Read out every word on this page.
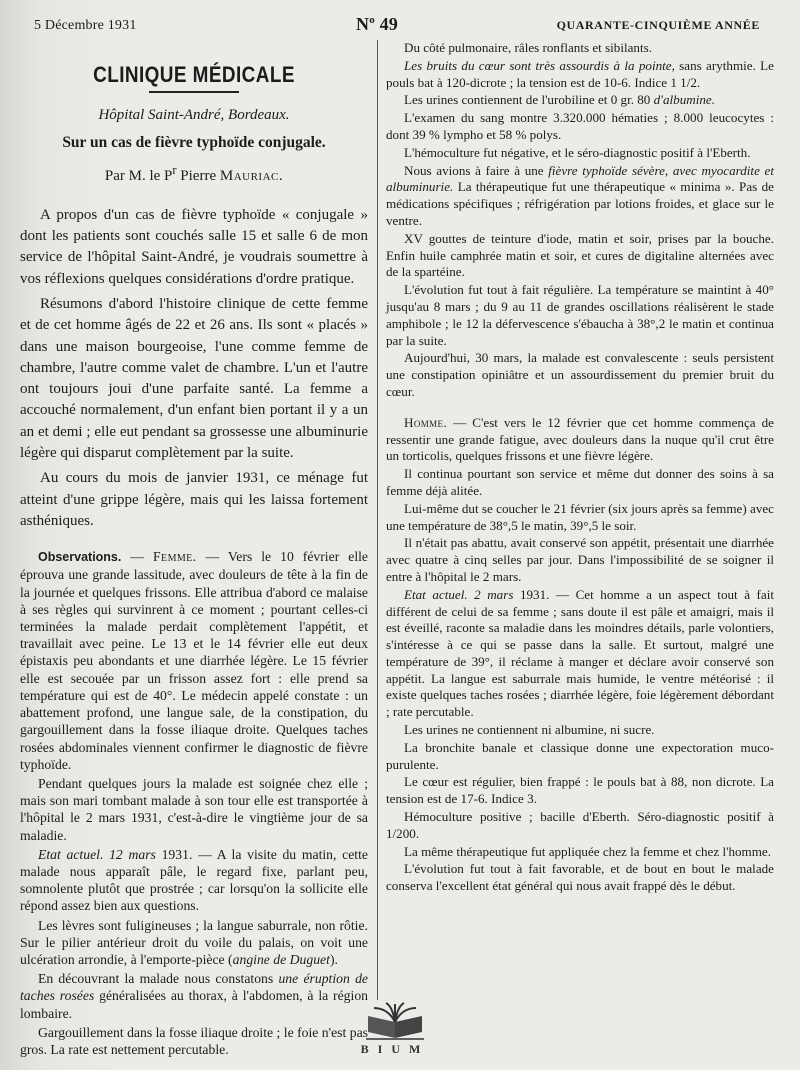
5 Décembre 1931	$N^o$ 49	QUARANTE-CINQUIÈME ANNÉE
CLINIQUE MÉDICALE
Hôpital Saint-André, Bordeaux.
Sur un cas de fièvre typhoïde conjugale.
Par M. le $P^r$ Pierre Mauriac.

A propos d'un cas de fièvre typhoïde « conjugale » dont les patients sont couchés salle 15 et salle 6 de mon service de l'hôpital Saint-André, je voudrais soumettre à vos réflexions quelques considérations d'ordre pratique.

Résumons d'abord l'histoire clinique de cette femme et de cet homme âgés de 22 et 26 ans. Ils sont « placés » dans une maison bourgeoise, l'une comme femme de chambre, l'autre comme valet de chambre. L'un et l'autre ont toujours joui d'une parfaite santé. La femme a accouché normalement, d'un enfant bien portant il y a un an et demi ; elle eut pendant sa grossesse une albuminurie légère qui disparut complètement par la suite.

Au cours du mois de janvier 1931, ce ménage fut atteint d'une grippe légère, mais qui les laissa fortement asthéniques.

Observations. — Femme. — Vers le 10 février elle éprouva une grande lassitude, avec douleurs de tête à la fin de la journée et quelques frissons. Elle attribua d'abord ce malaise à ses règles qui survinrent à ce moment ; pourtant celles-ci terminées la malade perdait complètement l'appétit, et travaillait avec peine. Le 13 et le 14 février elle eut deux épistaxis peu abondants et une diarrhée légère. Le 15 février elle est secouée par un frisson assez fort : elle prend sa température qui est de 40°. Le médecin appelé constate : un abattement profond, une langue sale, de la constipation, du gargouillement dans la fosse iliaque droite. Quelques taches rosées abdominales viennent confirmer le diagnostic de fièvre typhoïde.

Pendant quelques jours la malade est soignée chez elle ; mais son mari tombant malade à son tour elle est transportée à l'hôpital le 2 mars 1931, c'est-à-dire le vingtième jour de sa maladie.

Etat actuel. 12 mars 1931. — A la visite du matin, cette malade nous apparaît pâle, le regard fixe, parlant peu, somnolente plutôt que prostrée ; car lorsqu'on la sollicite elle répond assez bien aux questions.

Les lèvres sont fuligineuses ; la langue saburrale, non rôtie. Sur le pilier antérieur droit du voile du palais, on voit une ulcération arrondie, à l'emporte-pièce (angine de Duguet).

En découvrant la malade nous constatons une éruption de taches rosées généralisées au thorax, à l'abdomen, à la région lombaire.

Gargouillement dans la fosse iliaque droite ; le foie n'est pas gros. La rate est nettement percutable.

Du côté pulmonaire, râles ronflants et sibilants.

Les bruits du cœur sont très assourdis à la pointe, sans arythmie. Le pouls bat à 120-dicrote ; la tension est de 10-6. Indice 1 1/2.

Les urines contiennent de l'urobiline et 0 gr. 80 d'albumine.

L'examen du sang montre 3.320.000 hématies ; 8.000 leucocytes : dont 39 % lympho et 58 % polys.

L'hémoculture fut négative, et le séro-diagnostic positif à l'Eberth.

Nous avions à faire à une fièvre typhoïde sévère, avec myocardite et albuminurie. La thérapeutique fut une thérapeutique « minima ». Pas de médications spécifiques ; réfrigération par lotions froides, et glace sur le ventre.

XV gouttes de teinture d'iode, matin et soir, prises par la bouche. Enfin huile camphrée matin et soir, et cures de digitaline alternées avec de la spartéine.

L'évolution fut tout à fait régulière. La température se maintint à 40° jusqu'au 8 mars ; du 9 au 11 de grandes oscillations réalisèrent le stade amphibole ; le 12 la défervescence s'ébaucha à 38°,2 le matin et continua par la suite.

Aujourd'hui, 30 mars, la malade est convalescente : seuls persistent une constipation opiniâtre et un assourdissement du premier bruit du cœur.

Homme. — C'est vers le 12 février que cet homme commença de ressentir une grande fatigue, avec douleurs dans la nuque qu'il crut être un torticolis, quelques frissons et une fièvre légère.

Il continua pourtant son service et même dut donner des soins à sa femme déjà alitée.

Lui-même dut se coucher le 21 février (six jours après sa femme) avec une température de 38°,5 le matin, 39°,5 le soir.

Il n'était pas abattu, avait conservé son appétit, présentait une diarrhée avec quatre à cinq selles par jour. Dans l'impossibilité de se soigner il entre à l'hôpital le 2 mars.

Etat actuel. 2 mars 1931. — Cet homme a un aspect tout à fait différent de celui de sa femme ; sans doute il est pâle et amaigri, mais il est éveillé, raconte sa maladie dans les moindres détails, parle volontiers, s'intéresse à ce qui se passe dans la salle. Et surtout, malgré une température de 39°, il réclame à manger et déclare avoir conservé son appétit. La langue est saburrale mais humide, le ventre météorisé : il existe quelques taches rosées ; diarrhée légère, foie légèrement débordant ; rate percutable.

Les urines ne contiennent ni albumine, ni sucre.

La bronchite banale et classique donne une expectoration muco-purulente.

Le cœur est régulier, bien frappé : le pouls bat à 88, non dicrote. La tension est de 17-6. Indice 3.

Hémoculture positive ; bacille d'Eberth. Séro-diagnostic positif à 1/200.

La même thérapeutique fut appliquée chez la femme et chez l'homme.

L'évolution fut tout à fait favorable, et de bout en bout le malade conserva l'excellent état général qui nous avait frappé dès le début.

BIUM
